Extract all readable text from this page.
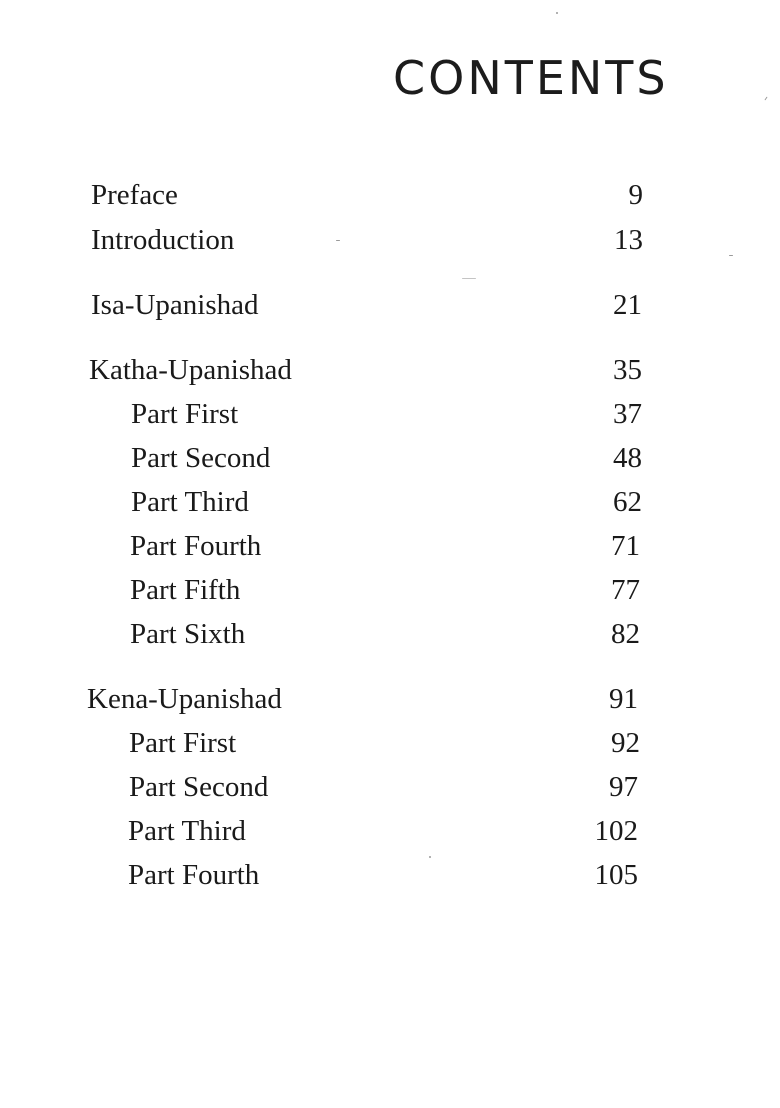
CONTENTS
Preface	9
Introduction	13
Isa-Upanishad	21
Katha-Upanishad	35
Part First	37
Part Second	48
Part Third	62
Part Fourth	71
Part Fifth	77
Part Sixth	82
Kena-Upanishad	91
Part First	92
Part Second	97
Part Third	102
Part Fourth	105
